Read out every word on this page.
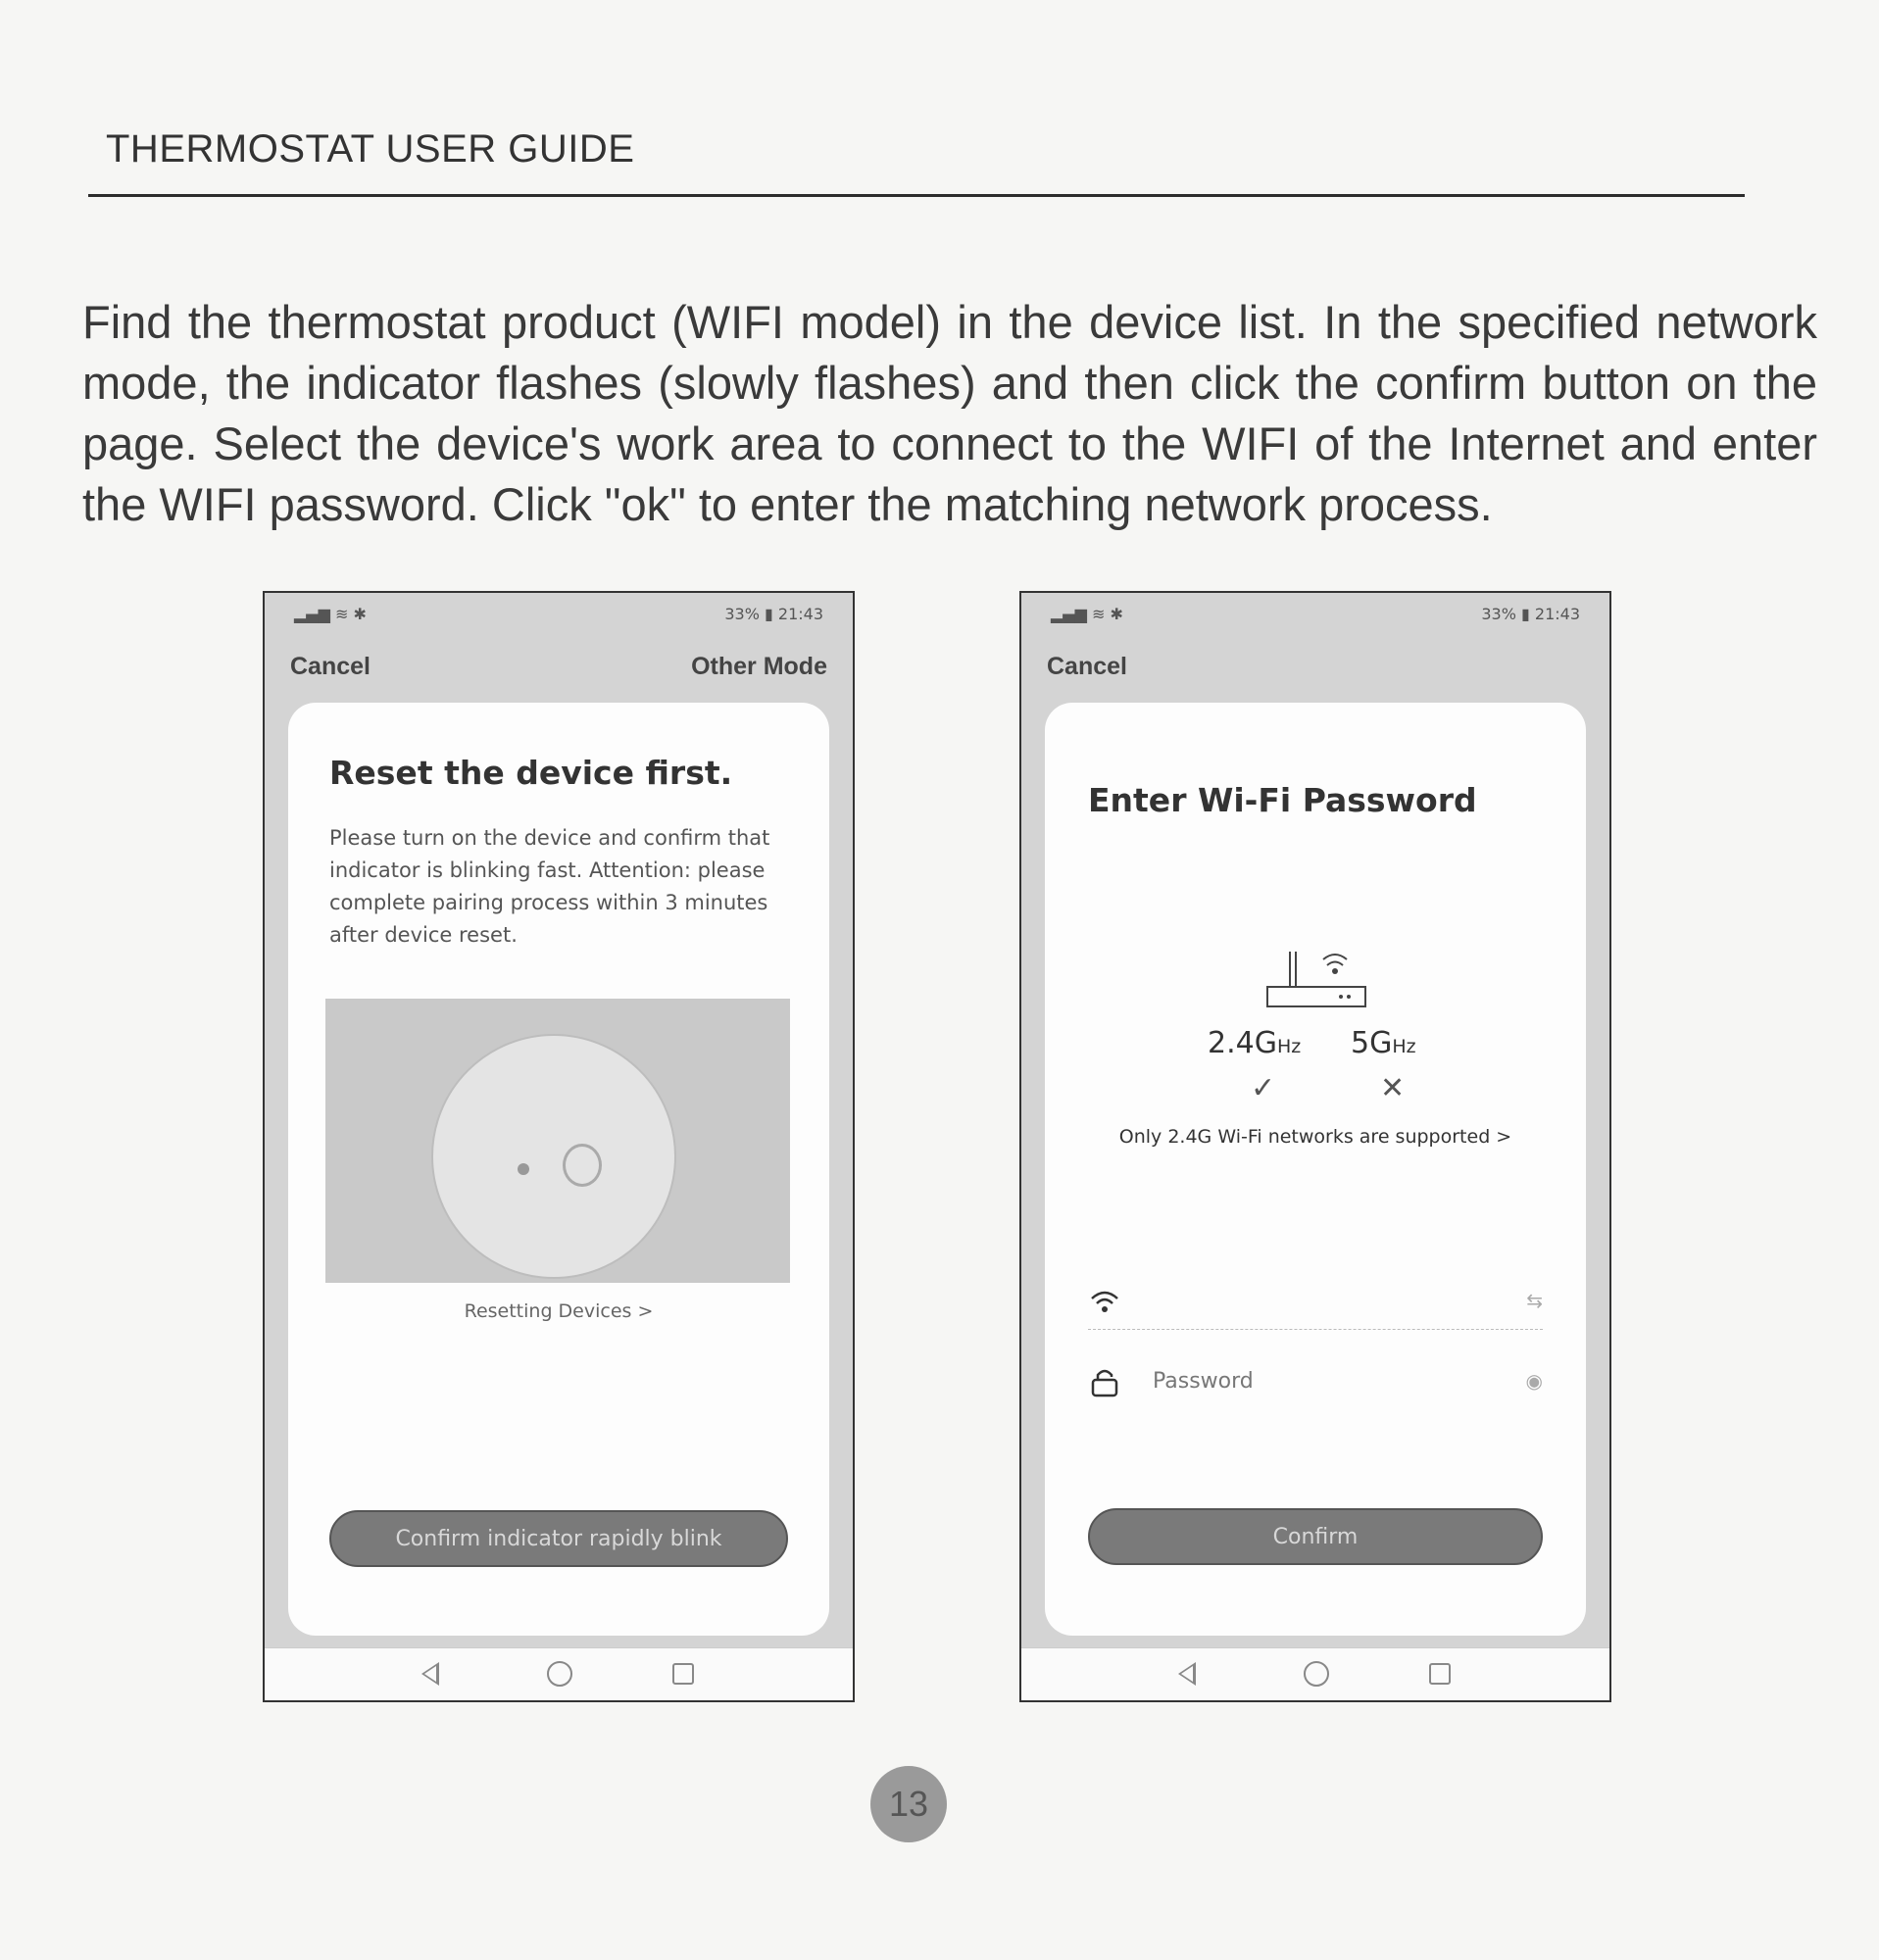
THERMOSTAT USER GUIDE

Find the thermostat product (WIFI model) in the device list. In the specified network mode, the indicator flashes (slowly flashes) and then click the confirm button on the page. Select the device's work area to connect to the WIFI of the Internet and enter the WIFI password. Click "ok" to enter the matching network process.

▂▄▆ ≋ ✱	33% ▮ 21:43
Cancel	Other Mode
Reset the device first.
Please turn on the device and confirm that indicator is blinking fast. Attention: please complete pairing process within 3 minutes after device reset.
Resetting Devices >
Confirm indicator rapidly blink
▂▄▆ ≋ ✱	33% ▮ 21:43
Cancel
Enter Wi-Fi Password
2.4GHz 5GHz
✓	✕
Only 2.4G Wi-Fi networks are supported >
⇆
Password	◉
Confirm
13
